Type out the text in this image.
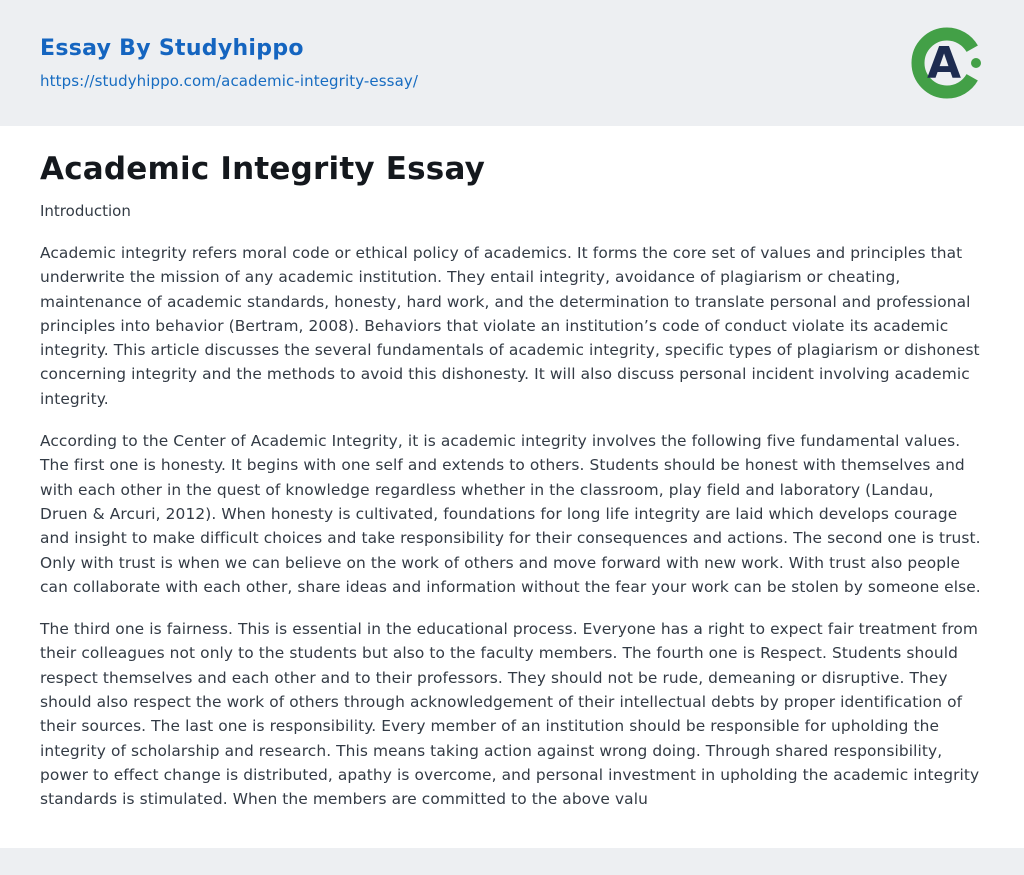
Essay By Studyhippo
https://studyhippo.com/academic-integrity-essay/	A
Academic Integrity Essay
Introduction

Academic integrity refers moral code or ethical policy of academics. It forms the core set of values and principles that underwrite the mission of any academic institution. They entail integrity, avoidance of plagiarism or cheating, maintenance of academic standards, honesty, hard work, and the determination to translate personal and professional principles into behavior (Bertram, 2008). Behaviors that violate an institution’s code of conduct violate its academic integrity. This article discusses the several fundamentals of academic integrity, specific types of plagiarism or dishonest concerning integrity and the methods to avoid this dishonesty. It will also discuss personal incident involving academic integrity.

According to the Center of Academic Integrity, it is academic integrity involves the following five fundamental values. The first one is honesty. It begins with one self and extends to others. Students should be honest with themselves and with each other in the quest of knowledge regardless whether in the classroom, play field and laboratory (Landau, Druen & Arcuri, 2012). When honesty is cultivated, foundations for long life integrity are laid which develops courage and insight to make difficult choices and take responsibility for their consequences and actions. The second one is trust. Only with trust is when we can believe on the work of others and move forward with new work. With trust also people can collaborate with each other, share ideas and information without the fear your work can be stolen by someone else.

The third one is fairness. This is essential in the educational process. Everyone has a right to expect fair treatment from their colleagues not only to the students but also to the faculty members. The fourth one is Respect. Students should respect themselves and each other and to their professors. They should not be rude, demeaning or disruptive. They should also respect the work of others through acknowledgement of their intellectual debts by proper identification of their sources. The last one is responsibility. Every member of an institution should be responsible for upholding the integrity of scholarship and research. This means taking action against wrong doing. Through shared responsibility, power to effect change is distributed, apathy is overcome, and personal investment in upholding the academic integrity standards is stimulated. When the members are committed to the above valu
